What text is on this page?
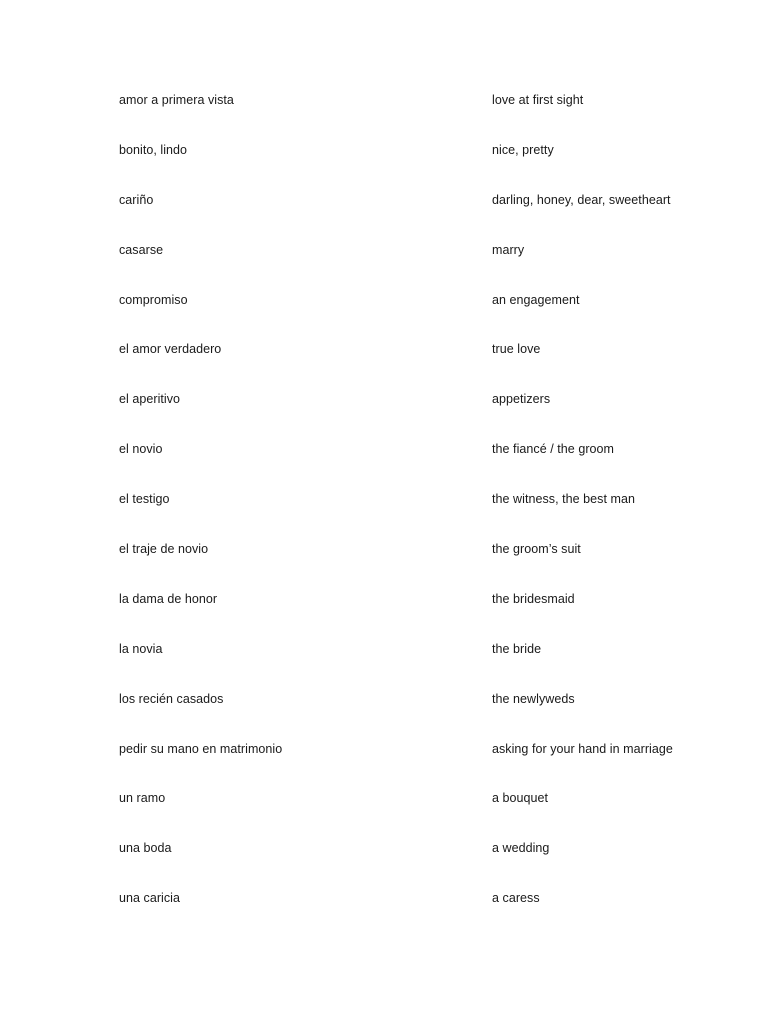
amor a primera vista	love at first sight
bonito, lindo	nice, pretty
cariño	darling, honey, dear, sweetheart
casarse	marry
compromiso	an engagement
el amor verdadero	true love
el aperitivo	appetizers
el novio	the fiancé / the groom
el testigo	the witness, the best man
el traje de novio	the groom’s suit
la dama de honor	the bridesmaid
la novia	the bride
los recién casados	the newlyweds
pedir su mano en matrimonio	asking for your hand in marriage
un ramo	a bouquet
una boda	a wedding
una caricia	a caress
